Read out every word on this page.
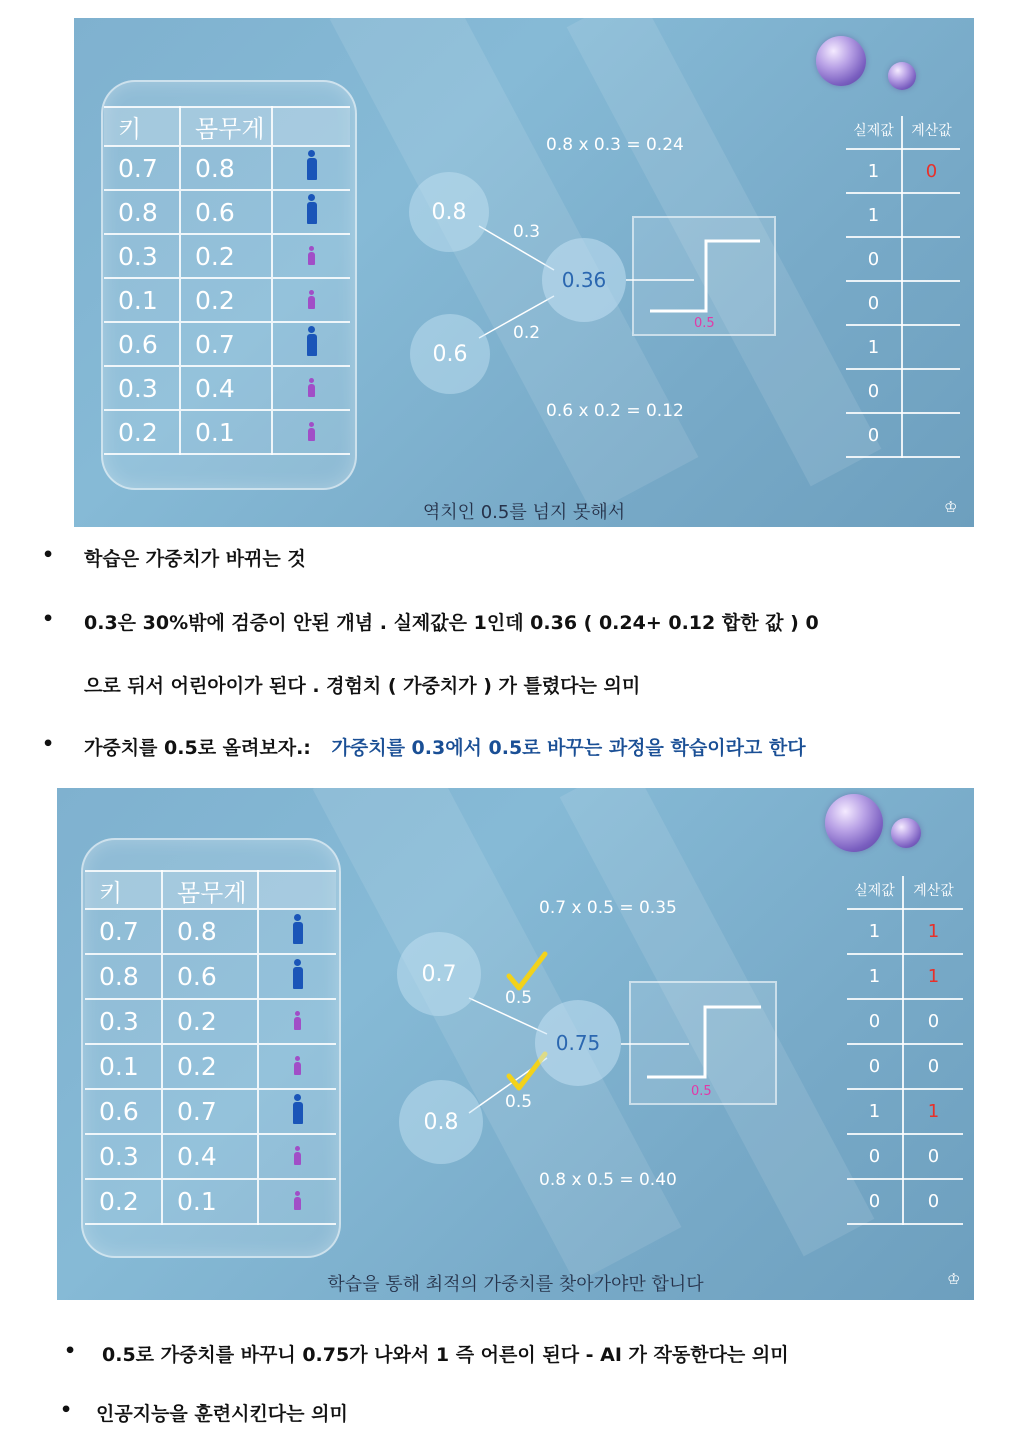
키	몸무게	
0.7	0.8	

0.8	0.6	

0.3	0.2	

0.1	0.2	

0.6	0.7	

0.3	0.4	

0.2	0.1	
0.8
0.6
0.36
0.3
0.2
0.8 x 0.3 = 0.24
0.6 x 0.2 = 0.12
0.5
실제값	계산값
1	0
1	
0	
0	
1	
0	
0	
역치인 0.5를 넘지 못해서	♔
• 학습은 가중치가 바뀌는 것
• 0.3은 30%밖에 검증이 안된 개념 . 실제값은 1인데 0.36 ( 0.24+ 0.12 합한 값 ) 0
으로 뒤서 어린아이가 된다 . 경험치 ( 가중치가 ) 가 틀렸다는 의미
• 가중치를 0.5로 올려보자.: 가중치를 0.3에서 0.5로 바꾸는 과정을 학습이라고 한다
키	몸무게	
0.7	0.8	

0.8	0.6	

0.3	0.2	

0.1	0.2	

0.6	0.7	

0.3	0.4	

0.2	0.1	
0.7
0.8
0.75
0.5
0.5
0.7 x 0.5 = 0.35
0.8 x 0.5 = 0.40
0.5
실제값	계산값
1	1
1	1
0	0
0	0
1	1
0	0
0	0
학습을 통해 최적의 가중치를 찾아가야만 합니다	♔
• 0.5로 가중치를 바꾸니 0.75가 나와서 1 즉 어른이 된다 - AI 가 작동한다는 의미
• 인공지능을 훈련시킨다는 의미
